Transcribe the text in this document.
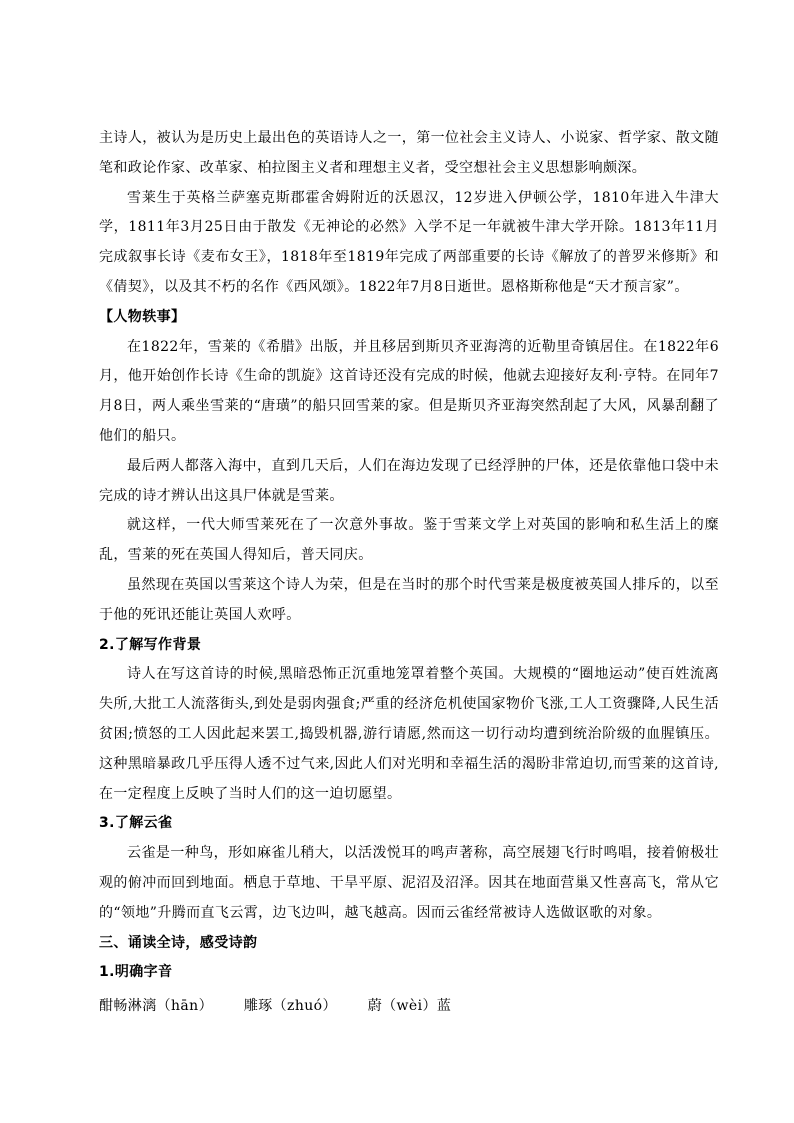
主诗人，被认为是历史上最出色的英语诗人之一，第一位社会主义诗人、小说家、哲学家、散文随笔和政论作家、改革家、柏拉图主义者和理想主义者，受空想社会主义思想影响颇深。

雪莱生于英格兰萨塞克斯郡霍舍姆附近的沃恩汉，12岁进入伊顿公学，1810年进入牛津大学，1811年3月25日由于散发《无神论的必然》入学不足一年就被牛津大学开除。1813年11月完成叙事长诗《麦布女王》，1818年至1819年完成了两部重要的长诗《解放了的普罗米修斯》和《倩契》，以及其不朽的名作《西风颂》。1822年7月8日逝世。恩格斯称他是“天才预言家”。

【人物轶事】

在1822年，雪莱的《希腊》出版，并且移居到斯贝齐亚海湾的近勒里奇镇居住。在1822年6月，他开始创作长诗《生命的凯旋》这首诗还没有完成的时候，他就去迎接好友利·亨特。在同年7月8日，两人乘坐雪莱的“唐璜”的船只回雪莱的家。但是斯贝齐亚海突然刮起了大风，风暴刮翻了他们的船只。

最后两人都落入海中，直到几天后，人们在海边发现了已经浮肿的尸体，还是依靠他口袋中未完成的诗才辨认出这具尸体就是雪莱。

就这样，一代大师雪莱死在了一次意外事故。鉴于雪莱文学上对英国的影响和私生活上的糜乱，雪莱的死在英国人得知后，普天同庆。

虽然现在英国以雪莱这个诗人为荣，但是在当时的那个时代雪莱是极度被英国人排斥的，以至于他的死讯还能让英国人欢呼。

2.了解写作背景

诗人在写这首诗的时候,黑暗恐怖正沉重地笼罩着整个英国。大规模的“圈地运动”使百姓流离失所,大批工人流落街头,到处是弱肉强食;严重的经济危机使国家物价飞涨,工人工资骤降,人民生活贫困;愤怒的工人因此起来罢工,捣毁机器,游行请愿,然而这一切行动均遭到统治阶级的血腥镇压。这种黑暗暴政几乎压得人透不过气来,因此人们对光明和幸福生活的渴盼非常迫切,而雪莱的这首诗,在一定程度上反映了当时人们的这一迫切愿望。

3.了解云雀

云雀是一种鸟，形如麻雀儿稍大，以活泼悦耳的鸣声著称，高空展翅飞行时鸣唱，接着俯极壮观的俯冲而回到地面。栖息于草地、干旱平原、泥沼及沼泽。因其在地面营巢又性喜高飞，常从它的“领地”升腾而直飞云霄，边飞边叫，越飞越高。因而云雀经常被诗人选做讴歌的对象。

三、诵读全诗，感受诗韵
1.明确字音

酣畅淋漓（hān） 雕琢（zhuó） 蔚（wèi）蓝
